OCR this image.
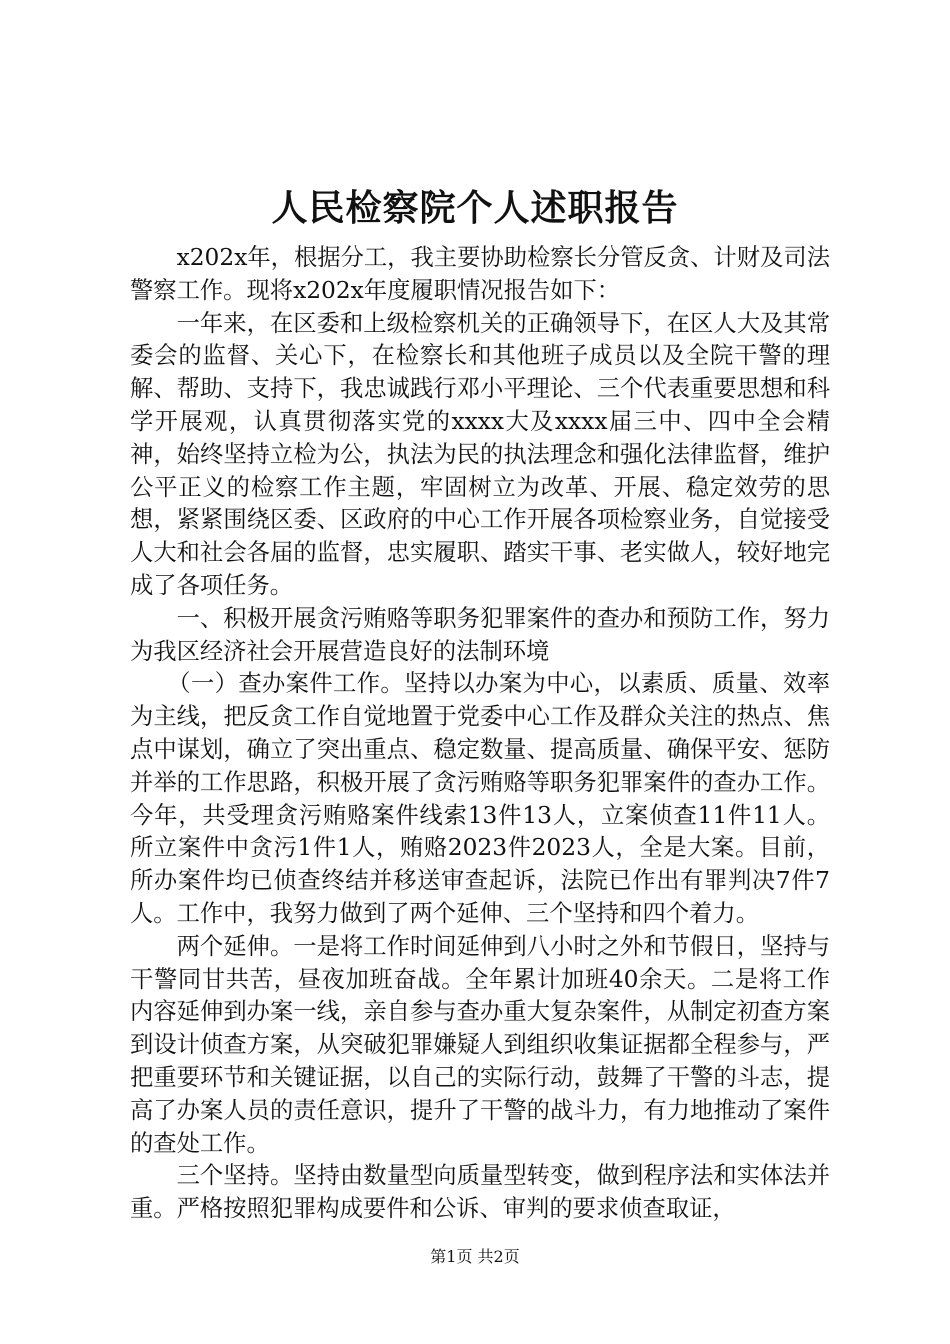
人民检察院个人述职报告

x202x年，根据分工，我主要协助检察长分管反贪、计财及司法警察工作。现将x202x年度履职情况报告如下：

一年来，在区委和上级检察机关的正确领导下，在区人大及其常委会的监督、关心下，在检察长和其他班子成员以及全院干警的理解、帮助、支持下，我忠诚践行邓小平理论、三个代表重要思想和科学开展观，认真贯彻落实党的xxxx大及xxxx届三中、四中全会精神，始终坚持立检为公，执法为民的执法理念和强化法律监督，维护公平正义的检察工作主题，牢固树立为改革、开展、稳定效劳的思想，紧紧围绕区委、区政府的中心工作开展各项检察业务，自觉接受人大和社会各届的监督，忠实履职、踏实干事、老实做人，较好地完成了各项任务。

一、积极开展贪污贿赂等职务犯罪案件的查办和预防工作，努力为我区经济社会开展营造良好的法制环境

（一）查办案件工作。坚持以办案为中心，以素质、质量、效率为主线，把反贪工作自觉地置于党委中心工作及群众关注的热点、焦点中谋划，确立了突出重点、稳定数量、提高质量、确保平安、惩防并举的工作思路，积极开展了贪污贿赂等职务犯罪案件的查办工作。今年，共受理贪污贿赂案件线索13件13人，立案侦查11件11人。所立案件中贪污1件1人，贿赂2023件2023人，全是大案。目前，所办案件均已侦查终结并移送审查起诉，法院已作出有罪判决7件7人。工作中，我努力做到了两个延伸、三个坚持和四个着力。

两个延伸。一是将工作时间延伸到八小时之外和节假日，坚持与干警同甘共苦，昼夜加班奋战。全年累计加班40余天。二是将工作内容延伸到办案一线，亲自参与查办重大复杂案件，从制定初查方案到设计侦查方案，从突破犯罪嫌疑人到组织收集证据都全程参与，严把重要环节和关键证据，以自己的实际行动，鼓舞了干警的斗志，提高了办案人员的责任意识，提升了干警的战斗力，有力地推动了案件的查处工作。

三个坚持。坚持由数量型向质量型转变，做到程序法和实体法并重。严格按照犯罪构成要件和公诉、审判的要求侦查取证，

第1页 共2页
